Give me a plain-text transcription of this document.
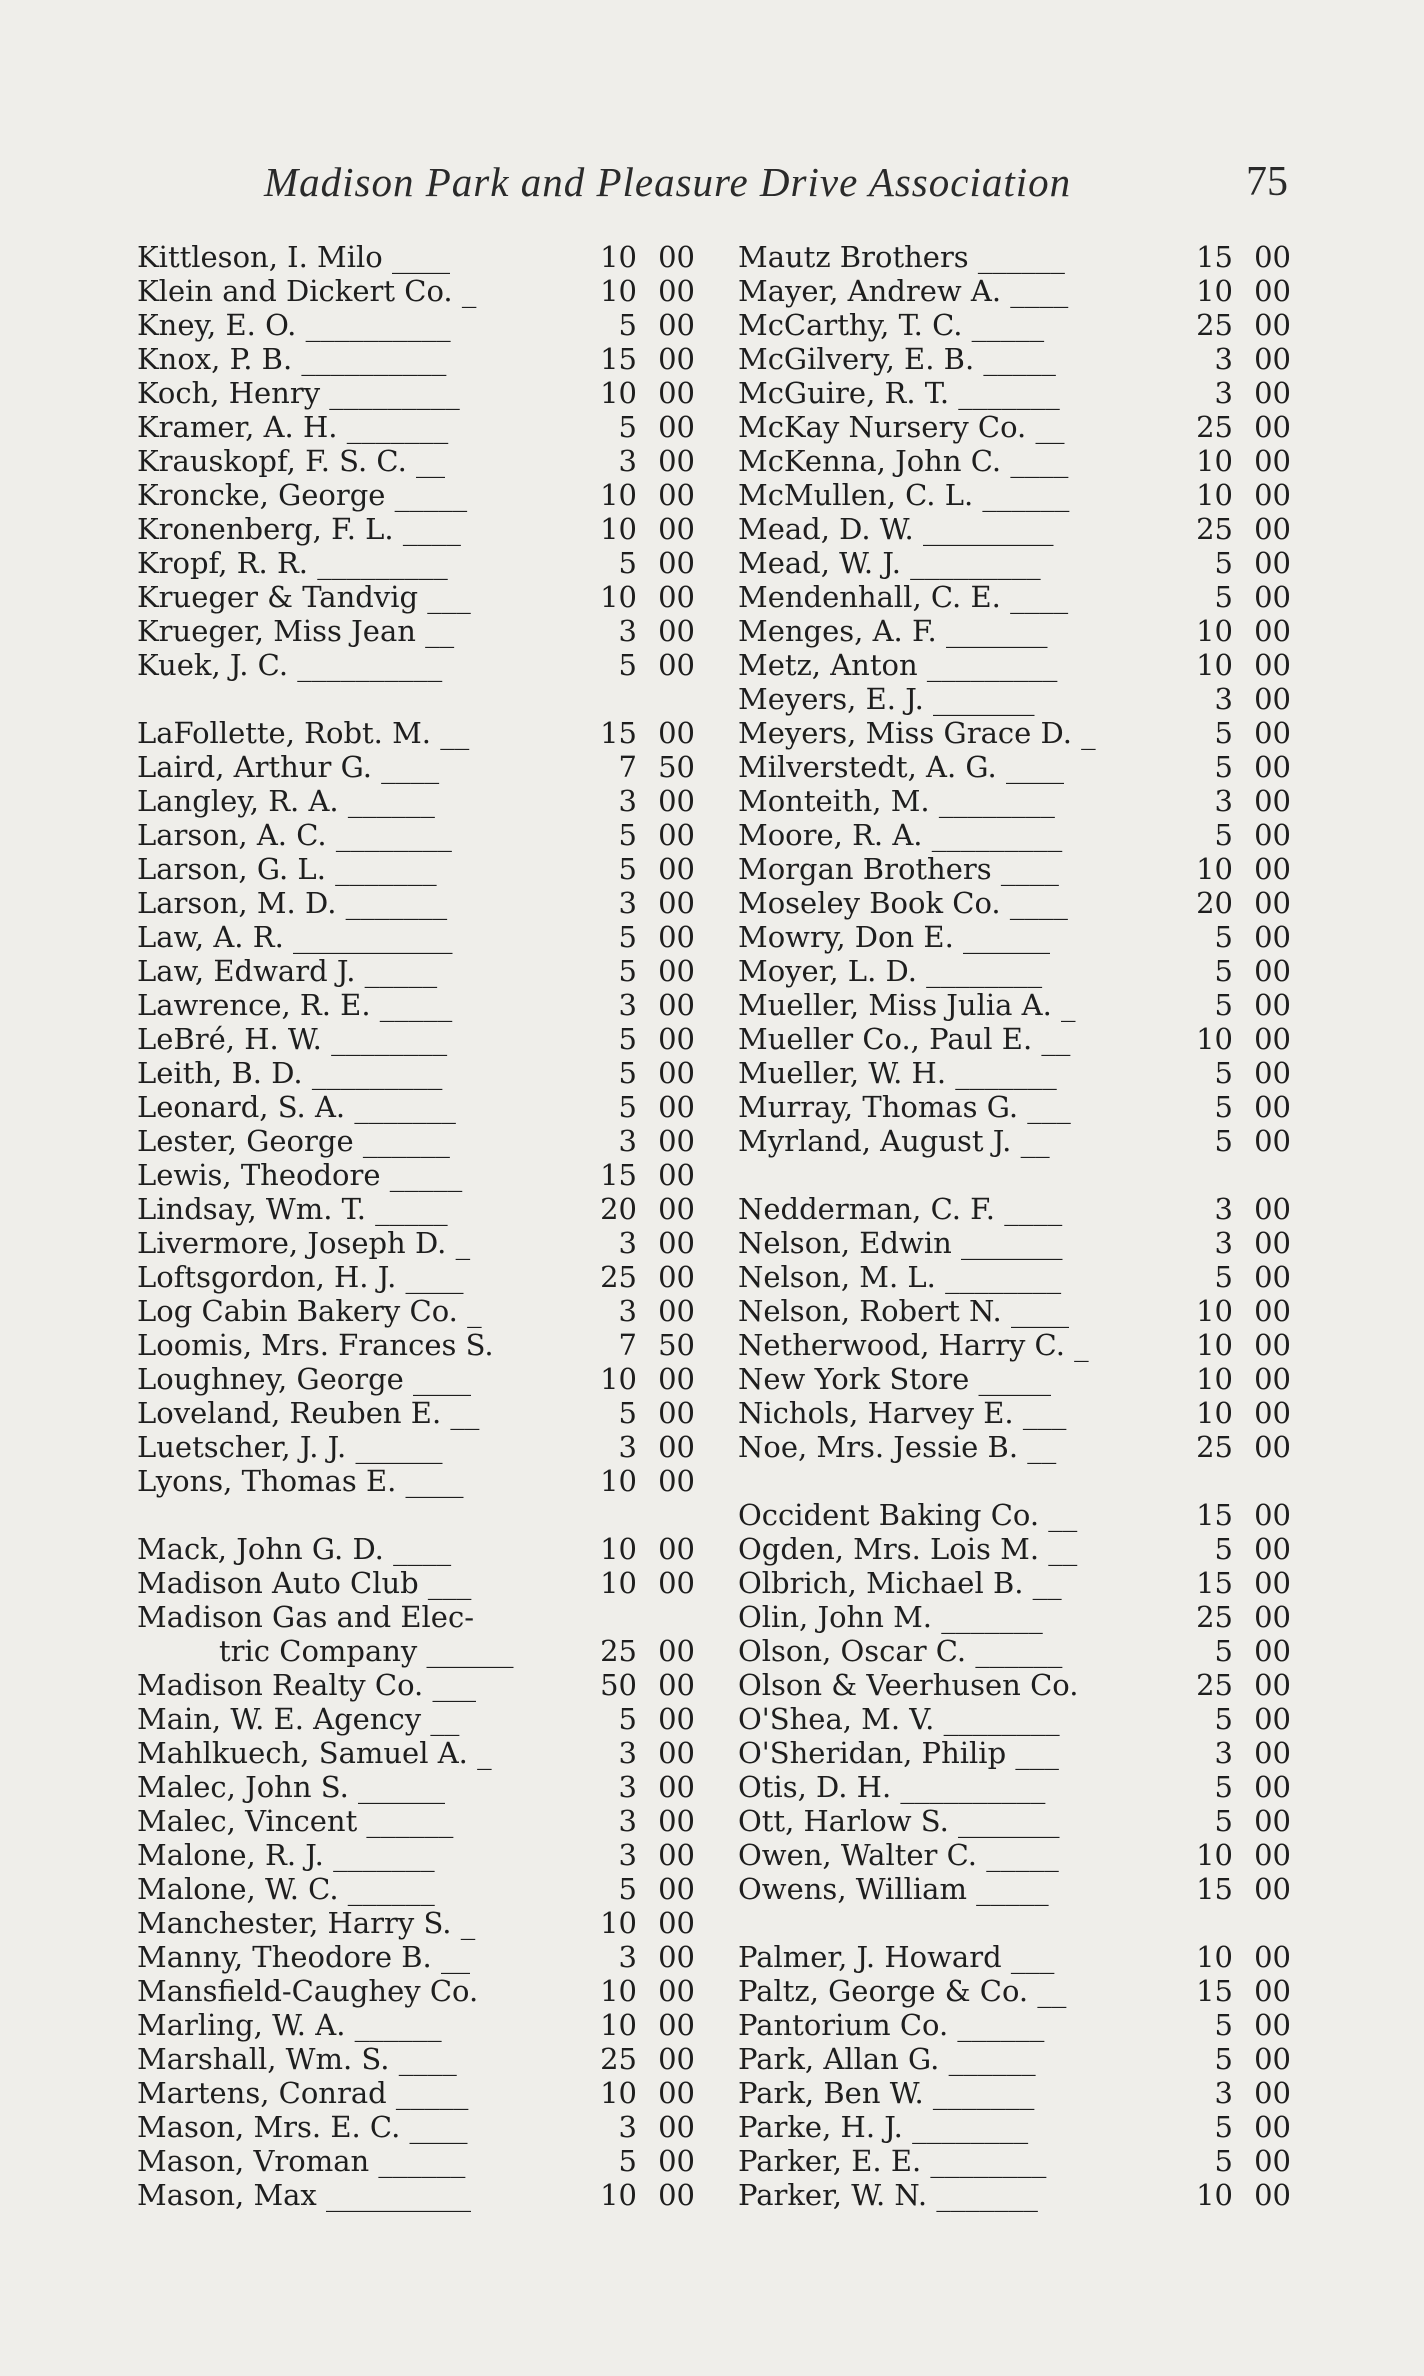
Madison Park and Pleasure Drive Association	75
Kittleson, I. Milo ____	10 00
Klein and Dickert Co. _	10 00
Kney, E. O. __________	5 00
Knox, P. B. __________	15 00
Koch, Henry _________	10 00
Kramer, A. H. _______	5 00
Krauskopf, F. S. C. __	3 00
Kroncke, George _____	10 00
Kronenberg, F. L. ____	10 00
Kropf, R. R. _________	5 00
Krueger & Tandvig ___	10 00
Krueger, Miss Jean __	3 00
Kuek, J. C. __________	5 00
LaFollette, Robt. M. __	15 00
Laird, Arthur G. ____	7 50
Langley, R. A. ______	3 00
Larson, A. C. ________	5 00
Larson, G. L. _______	5 00
Larson, M. D. _______	3 00
Law, A. R. ___________	5 00
Law, Edward J. _____	5 00
Lawrence, R. E. _____	3 00
LeBré, H. W. ________	5 00
Leith, B. D. _________	5 00
Leonard, S. A. _______	5 00
Lester, George ______	3 00
Lewis, Theodore _____	15 00
Lindsay, Wm. T. _____	20 00
Livermore, Joseph D. _	3 00
Loftsgordon, H. J. ____	25 00
Log Cabin Bakery Co. _	3 00
Loomis, Mrs. Frances S.	7 50
Loughney, George ____	10 00
Loveland, Reuben E. __	5 00
Luetscher, J. J. ______	3 00
Lyons, Thomas E. ____	10 00
Mack, John G. D. ____	10 00
Madison Auto Club ___	10 00
Madison Gas and Elec-
tric Company ______	25 00
Madison Realty Co. ___	50 00
Main, W. E. Agency __	5 00
Mahlkuech, Samuel A. _	3 00
Malec, John S. ______	3 00
Malec, Vincent ______	3 00
Malone, R. J. _______	3 00
Malone, W. C. ______	5 00
Manchester, Harry S. _	10 00
Manny, Theodore B. __	3 00
Mansfield-Caughey Co.	10 00
Marling, W. A. ______	10 00
Marshall, Wm. S. ____	25 00
Martens, Conrad _____	10 00
Mason, Mrs. E. C. ____	3 00
Mason, Vroman ______	5 00
Mason, Max __________	10 00
Mautz Brothers ______	15 00
Mayer, Andrew A. ____	10 00
McCarthy, T. C. _____	25 00
McGilvery, E. B. _____	3 00
McGuire, R. T. _______	3 00
McKay Nursery Co. __	25 00
McKenna, John C. ____	10 00
McMullen, C. L. ______	10 00
Mead, D. W. _________	25 00
Mead, W. J. _________	5 00
Mendenhall, C. E. ____	5 00
Menges, A. F. _______	10 00
Metz, Anton _________	10 00
Meyers, E. J. _______	3 00
Meyers, Miss Grace D. _	5 00
Milverstedt, A. G. ____	5 00
Monteith, M. ________	3 00
Moore, R. A. _________	5 00
Morgan Brothers ____	10 00
Moseley Book Co. ____	20 00
Mowry, Don E. ______	5 00
Moyer, L. D. ________	5 00
Mueller, Miss Julia A. _	5 00
Mueller Co., Paul E. __	10 00
Mueller, W. H. _______	5 00
Murray, Thomas G. ___	5 00
Myrland, August J. __	5 00
Nedderman, C. F. ____	3 00
Nelson, Edwin _______	3 00
Nelson, M. L. ________	5 00
Nelson, Robert N. ____	10 00
Netherwood, Harry C. _	10 00
New York Store _____	10 00
Nichols, Harvey E. ___	10 00
Noe, Mrs. Jessie B. __	25 00
Occident Baking Co. __	15 00
Ogden, Mrs. Lois M. __	5 00
Olbrich, Michael B. __	15 00
Olin, John M. _______	25 00
Olson, Oscar C. ______	5 00
Olson & Veerhusen Co.	25 00
O'Shea, M. V. ________	5 00
O'Sheridan, Philip ___	3 00
Otis, D. H. __________	5 00
Ott, Harlow S. _______	5 00
Owen, Walter C. _____	10 00
Owens, William _____	15 00
Palmer, J. Howard ___	10 00
Paltz, George & Co. __	15 00
Pantorium Co. ______	5 00
Park, Allan G. ______	5 00
Park, Ben W. _______	3 00
Parke, H. J. ________	5 00
Parker, E. E. ________	5 00
Parker, W. N. _______	10 00
